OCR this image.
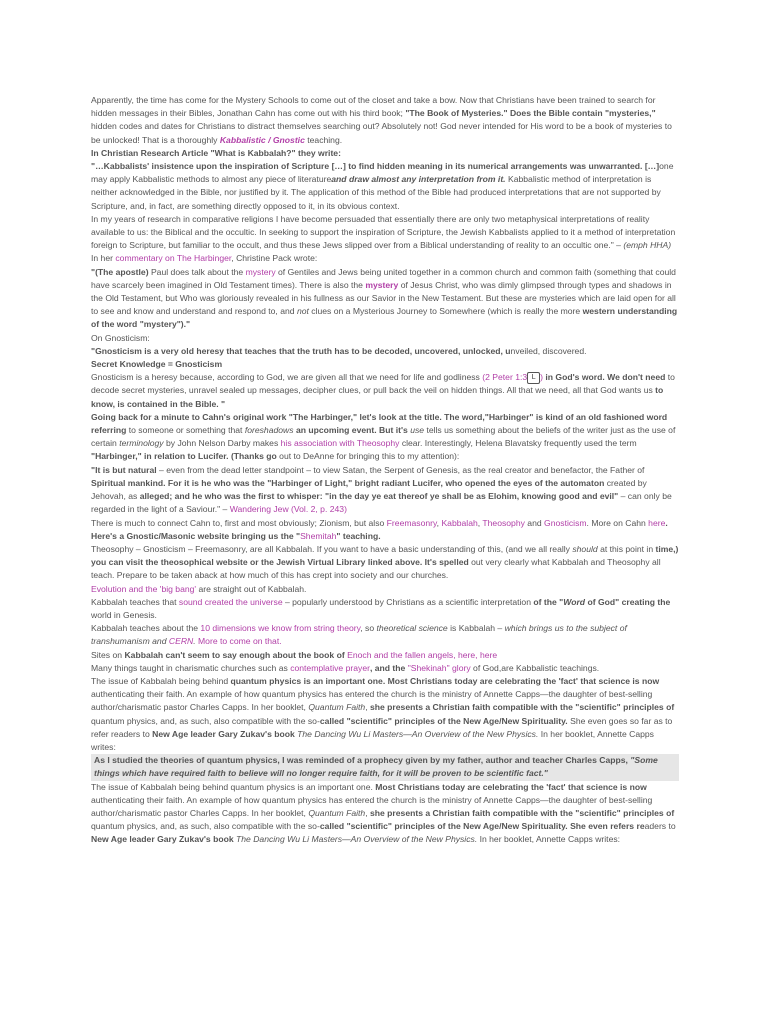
Apparently, the time has come for the Mystery Schools to come out of the closet and take a bow. Now that Christians have been trained to search for hidden messages in their Bibles, Jonathan Cahn has come out with his third book; "The Book of Mysteries." Does the Bible contain "mysteries," hidden codes and dates for Christians to distract themselves searching out? Absolutely not! God never intended for His word to be a book of mysteries to be unlocked! That is a thoroughly Kabbalistic / Gnostic teaching.

In Christian Research Article "What is Kabbalah?" they write:

"…Kabbalists' insistence upon the inspiration of Scripture […] to find hidden meaning in its numerical arrangements was unwarranted. […]one may apply Kabbalistic methods to almost any piece of literatureand draw almost any interpretation from it. Kabbalistic method of interpretation is neither acknowledged in the Bible, nor justified by it. The application of this method of the Bible had produced interpretations that are not supported by Scripture, and, in fact, are something directly opposed to it, in its obvious context.

In my years of research in comparative religions I have become persuaded that essentially there are only two metaphysical interpretations of reality available to us: the Biblical and the occultic. In seeking to support the inspiration of Scripture, the Jewish Kabbalists applied to it a method of interpretation foreign to Scripture, but familiar to the occult, and thus these Jews slipped over from a Biblical understanding of reality to an occultic one." – (emph HHA)

In her commentary on The Harbinger, Christine Pack wrote:

"(The apostle) Paul does talk about the mystery of Gentiles and Jews being united together in a common church and common faith (something that could have scarcely been imagined in Old Testament times). There is also the mystery of Jesus Christ, who was dimly glimpsed through types and shadows in the Old Testament, but Who was gloriously revealed in his fullness as our Savior in the New Testament. But these are mysteries which are laid open for all to see and know and understand and respond to, and not clues on a Mysterious Journey to Somewhere (which is really the more western understanding of the word "mystery")."

On Gnosticism:

"Gnosticism is a very old heresy that teaches that the truth has to be decoded, uncovered, unlocked, unveiled, discovered.

Secret Knowledge = Gnosticism

Gnosticism is a heresy because, according to God, we are given all that we need for life and godliness (2 Peter 1:3 L ) in God's word. We don't need to decode secret mysteries, unravel sealed up messages, decipher clues, or pull back the veil on hidden things. All that we need, all that God wants us to know, is contained in the Bible. "

Going back for a minute to Cahn's original work "The Harbinger," let's look at the title. The word,"Harbinger" is kind of an old fashioned word referring to someone or something that foreshadows an upcoming event. But it's use tells us something about the beliefs of the writer just as the use of certain terminology by John Nelson Darby makes his association with Theosophy clear. Interestingly, Helena Blavatsky frequently used the term "Harbinger," in relation to Lucifer. (Thanks go out to DeAnne for bringing this to my attention):

"It is but natural – even from the dead letter standpoint – to view Satan, the Serpent of Genesis, as the real creator and benefactor, the Father of Spiritual mankind. For it is he who was the "Harbinger of Light," bright radiant Lucifer, who opened the eyes of the automaton created by Jehovah, as alleged; and he who was the first to whisper: "in the day ye eat thereof ye shall be as Elohim, knowing good and evil" – can only be regarded in the light of a Saviour." – Wandering Jew (Vol. 2, p. 243)

There is much to connect Cahn to, first and most obviously; Zionism, but also Freemasonry, Kabbalah, Theosophy and Gnosticism. More on Cahn here. Here's a Gnostic/Masonic website bringing us the "Shemitah" teaching.

Theosophy – Gnosticism – Freemasonry, are all Kabbalah. If you want to have a basic understanding of this, (and we all really should at this point in time,) you can visit the theosophical website or the Jewish Virtual Library linked above. It's spelled out very clearly what Kabbalah and Theosophy all teach. Prepare to be taken aback at how much of this has crept into society and our churches.

Evolution and the 'big bang' are straight out of Kabbalah.

Kabbalah teaches that sound created the universe – popularly understood by Christians as a scientific interpretation of the "Word of God" creating the world in Genesis.

Kabbalah teaches about the 10 dimensions we know from string theory, so theoretical science is Kabbalah – which brings us to the subject of transhumanism and CERN. More to come on that.

Sites on Kabbalah can't seem to say enough about the book of Enoch and the fallen angels, here, here

Many things taught in charismatic churches such as contemplative prayer, and the "Shekinah" glory of God,are Kabbalistic teachings.

The issue of Kabbalah being behind quantum physics is an important one. Most Christians today are celebrating the 'fact' that science is now authenticating their faith. An example of how quantum physics has entered the church is the ministry of Annette Capps—the daughter of best-selling author/charismatic pastor Charles Capps. In her booklet, Quantum Faith, she presents a Christian faith compatible with the "scientific" principles of quantum physics, and, as such, also compatible with the so-called "scientific" principles of the New Age/New Spirituality. She even goes so far as to refer readers to New Age leader Gary Zukav's book The Dancing Wu Li Masters—An Overview of the New Physics. In her booklet, Annette Capps writes:

As I studied the theories of quantum physics, I was reminded of a prophecy given by my father, author and teacher Charles Capps, "Some things which have required faith to believe will no longer require faith, for it will be proven to be scientific fact."

The issue of Kabbalah being behind quantum physics is an important one. Most Christians today are celebrating the 'fact' that science is now authenticating their faith. An example of how quantum physics has entered the church is the ministry of Annette Capps—the daughter of best-selling author/charismatic pastor Charles Capps. In her booklet, Quantum Faith, she presents a Christian faith compatible with the "scientific" principles of quantum physics, and, as such, also compatible with the so-called "scientific" principles of the New Age/New Spirituality. She even refers readers to New Age leader Gary Zukav's book The Dancing Wu Li Masters—An Overview of the New Physics. In her booklet, Annette Capps writes:
